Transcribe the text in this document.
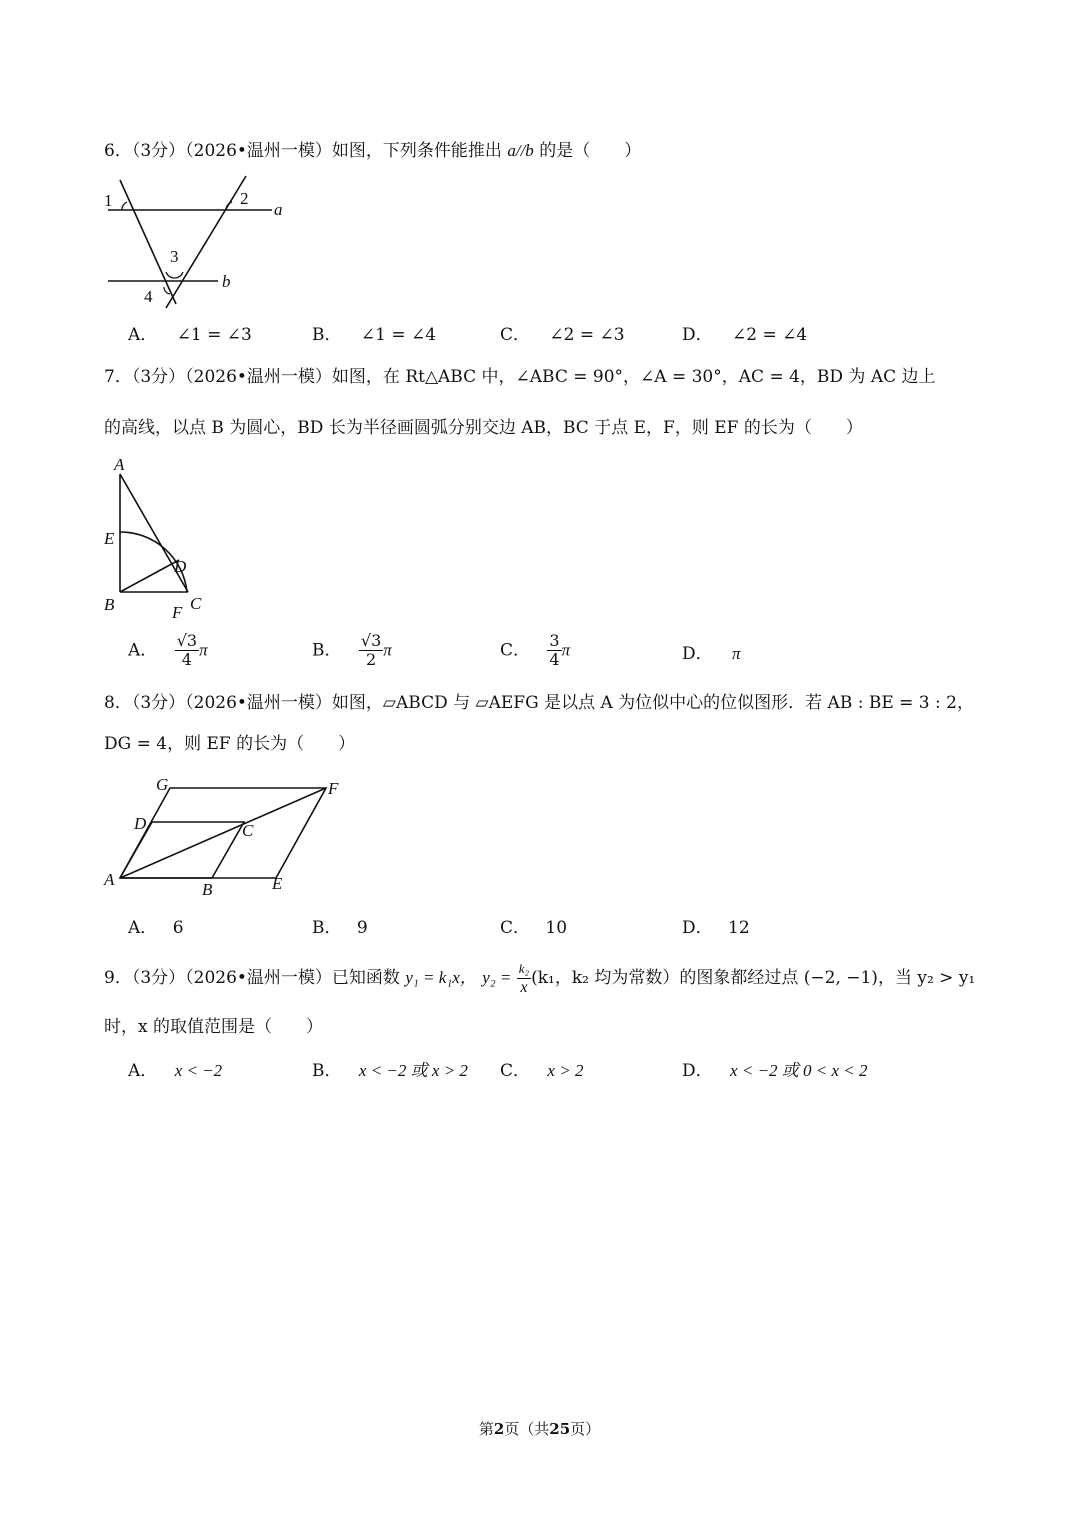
6．（3分）（2026•温州一模）如图，下列条件能推出 a//b 的是（　　）
1	2
3
4
a
b
A． ∠1 = ∠3	B． ∠1 = ∠4	C． ∠2 = ∠3	D． ∠2 = ∠4
7．（3分）（2026•温州一模）如图，在 Rt△ABC 中，∠ABC = 90°，∠A = 30°，AC = 4，BD 为 AC 边上
的高线，以点 B 为圆心，BD 长为半径画圆弧分别交边 AB，BC 于点 E，F，则 EF 的长为（　　）
A
E
D
B	F C
A． $\frac{√3}{4}$ π	B． $\frac{√3}{2}$ π	C． $\frac{3}{4}$ π	D． π
8．（3分）（2026•温州一模）如图，▱ABCD 与 ▱AEFG 是以点 A 为位似中心的位似图形．若 AB : BE = 3 : 2，
DG = 4，则 EF 的长为（　　）
G	F
D	C
A
B	E
A． 6	B． 9	C． 10	D． 12
9．（3分）（2026•温州一模）已知函数 y₁ = k₁x， $y_2 = \frac{\text{k₂}}{x} (k_1$，k₂ 均为常数）的图象都经过点 (−2, −1)，当 y₂ > y₁
时，x 的取值范围是（　　）
A． x < −2	B． x < −2 或 x > 2 C． x > 2	D． x < −2 或 0 < x < 2
第2页（共25页）
